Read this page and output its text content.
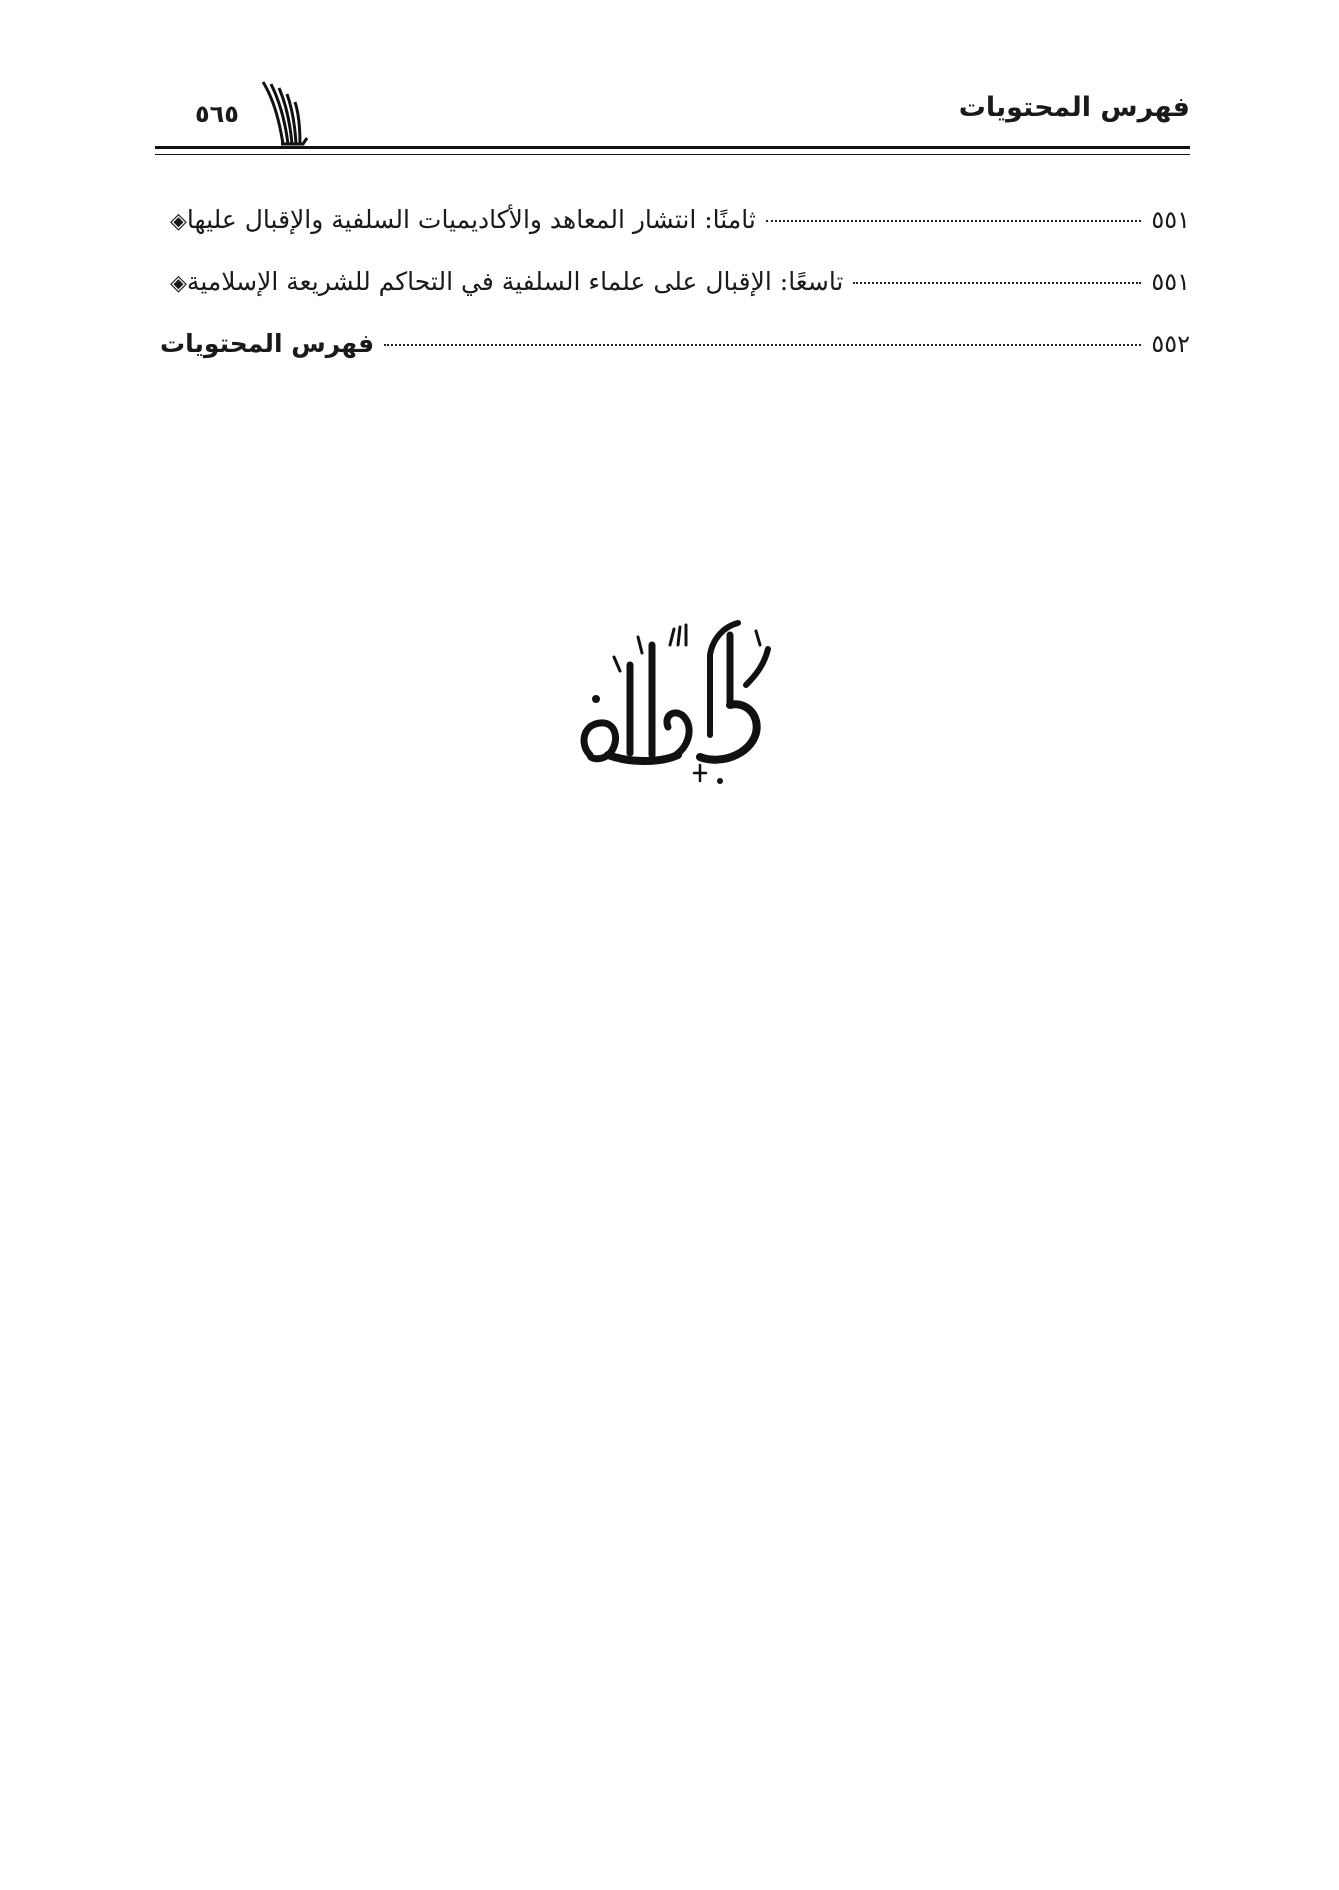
فهرس المحتويات
٥٦٥
◈ ثامنًا: انتشار المعاهد والأكاديميات السلفية والإقبال عليها	٥٥١
◈ تاسعًا: الإقبال على علماء السلفية في التحاكم للشريعة الإسلامية	٥٥١
فهرس المحتويات	٥٥٢
